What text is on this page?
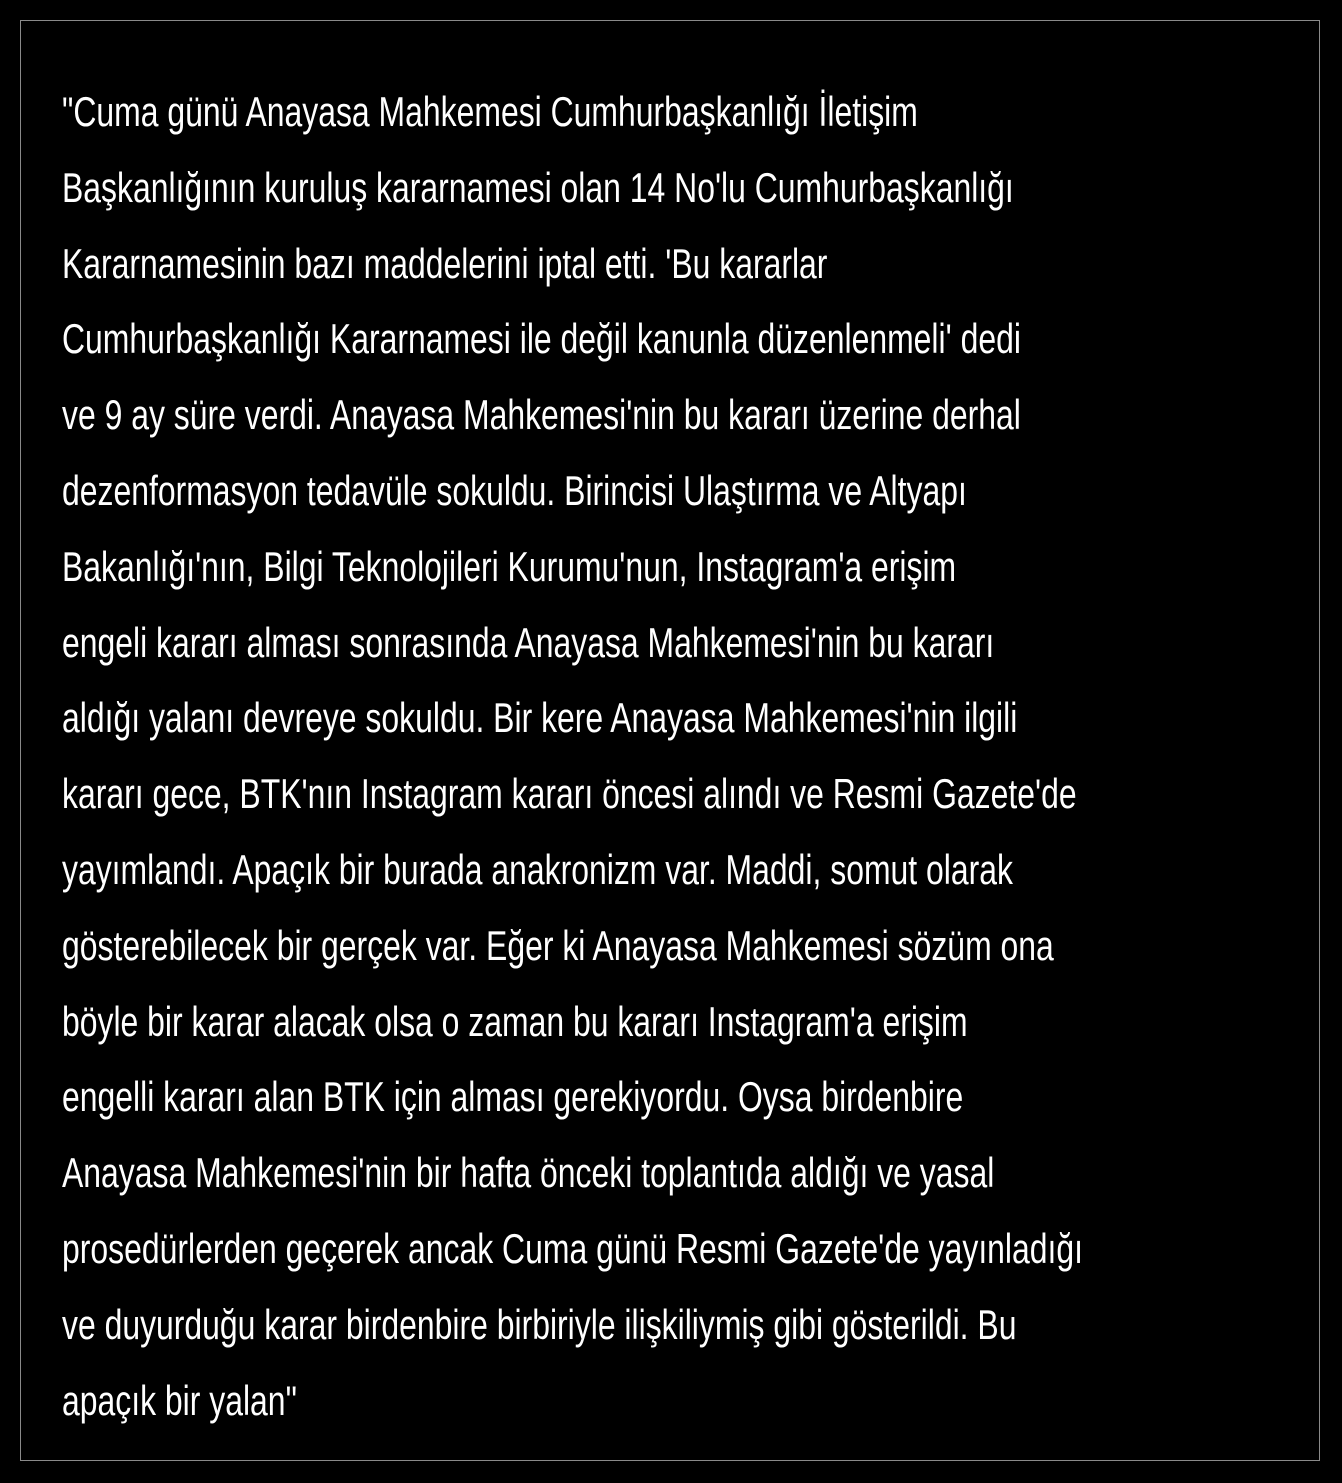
"Cuma günü Anayasa Mahkemesi Cumhurbaşkanlığı İletişim
Başkanlığının kuruluş kararnamesi olan 14 No'lu Cumhurbaşkanlığı
Kararnamesinin bazı maddelerini iptal etti. 'Bu kararlar
Cumhurbaşkanlığı Kararnamesi ile değil kanunla düzenlenmeli' dedi
ve 9 ay süre verdi. Anayasa Mahkemesi'nin bu kararı üzerine derhal
dezenformasyon tedavüle sokuldu. Birincisi Ulaştırma ve Altyapı
Bakanlığı'nın, Bilgi Teknolojileri Kurumu'nun, Instagram'a erişim
engeli kararı alması sonrasında Anayasa Mahkemesi'nin bu kararı
aldığı yalanı devreye sokuldu. Bir kere Anayasa Mahkemesi'nin ilgili
kararı gece, BTK'nın Instagram kararı öncesi alındı ve Resmi Gazete'de
yayımlandı. Apaçık bir burada anakronizm var. Maddi, somut olarak
gösterebilecek bir gerçek var. Eğer ki Anayasa Mahkemesi sözüm ona
böyle bir karar alacak olsa o zaman bu kararı Instagram'a erişim
engelli kararı alan BTK için alması gerekiyordu. Oysa birdenbire
Anayasa Mahkemesi'nin bir hafta önceki toplantıda aldığı ve yasal
prosedürlerden geçerek ancak Cuma günü Resmi Gazete'de yayınladığı
ve duyurduğu karar birdenbire birbiriyle ilişkiliymiş gibi gösterildi. Bu
apaçık bir yalan"
